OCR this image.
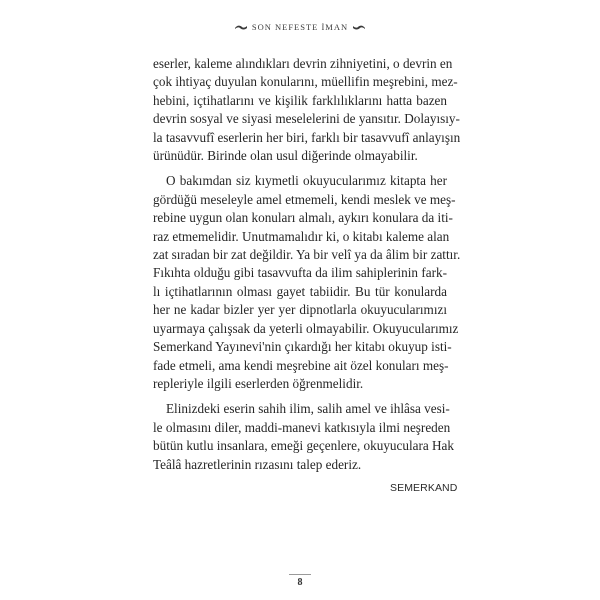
SON NEFESTE İMAN

eserler, kaleme alındıkları devrin zihniyetini, o devrin en
çok ihtiyaç duyulan konularını, müellifin meşrebini, mez-
hebini, içtihatlarını ve kişilik farklılıklarını hatta bazen
devrin sosyal ve siyasi meselelerini de yansıtır. Dolayısıy-
la tasavvufî eserlerin her biri, farklı bir tasavvufî anlayışın
ürünüdür. Birinde olan usul diğerinde olmayabilir.

O bakımdan siz kıymetli okuyucularımız kitapta her
gördüğü meseleyle amel etmemeli, kendi meslek ve meş-
rebine uygun olan konuları almalı, aykırı konulara da iti-
raz etmemelidir. Unutmamalıdır ki, o kitabı kaleme alan
zat sıradan bir zat değildir. Ya bir velî ya da âlim bir zattır.
Fıkıhta olduğu gibi tasavvufta da ilim sahiplerinin fark-
lı içtihatlarının olması gayet tabiidir. Bu tür konularda
her ne kadar bizler yer yer dipnotlarla okuyucularımızı
uyarmaya çalışsak da yeterli olmayabilir. Okuyucularımız
Semerkand Yayınevi'nin çıkardığı her kitabı okuyup isti-
fade etmeli, ama kendi meşrebine ait özel konuları meş-
repleriyle ilgili eserlerden öğrenmelidir.

Elinizdeki eserin sahih ilim, salih amel ve ihlâsa vesi-
le olmasını diler, maddi-manevi katkısıyla ilmi neşreden
bütün kutlu insanlara, emeği geçenlere, okuyuculara Hak
Teâlâ hazretlerinin rızasını talep ederiz.

SEMERKAND
8
